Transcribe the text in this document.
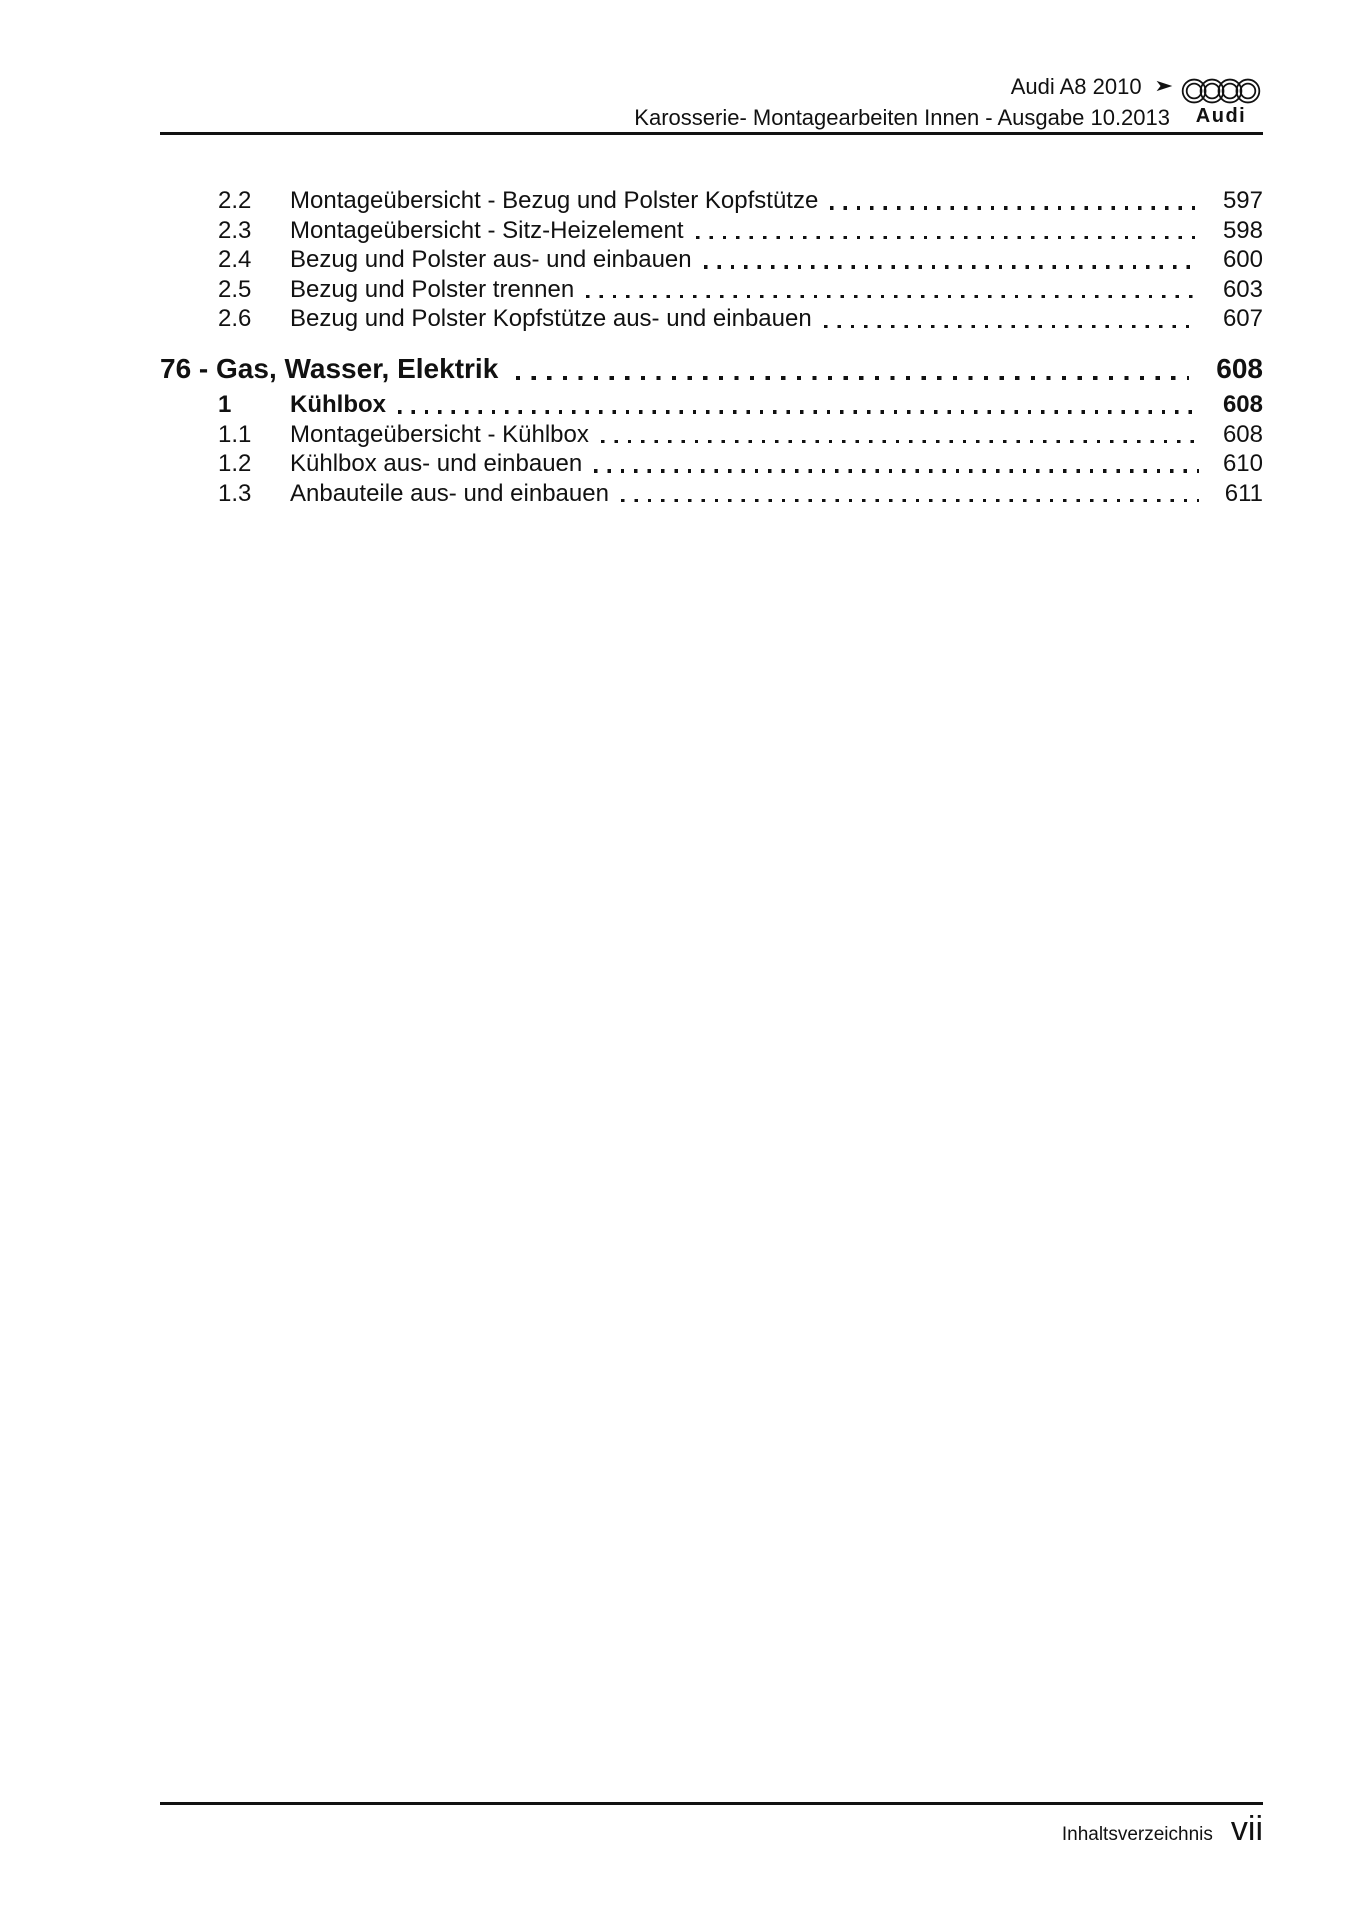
Audi A8 2010 ➤
Karosserie- Montagearbeiten Innen - Ausgabe 10.2013	Audi
2.2	Montageübersicht - Bezug und Polster Kopfstütze	597
2.3	Montageübersicht - Sitz-Heizelement	598
2.4	Bezug und Polster aus- und einbauen	600
2.5	Bezug und Polster trennen	603
2.6	Bezug und Polster Kopfstütze aus- und einbauen	607
76 - Gas, Wasser, Elektrik	608
1	Kühlbox	608
1.1	Montageübersicht - Kühlbox	608
1.2	Kühlbox aus- und einbauen	610
1.3	Anbauteile aus- und einbauen	611
Inhaltsverzeichnis vii
